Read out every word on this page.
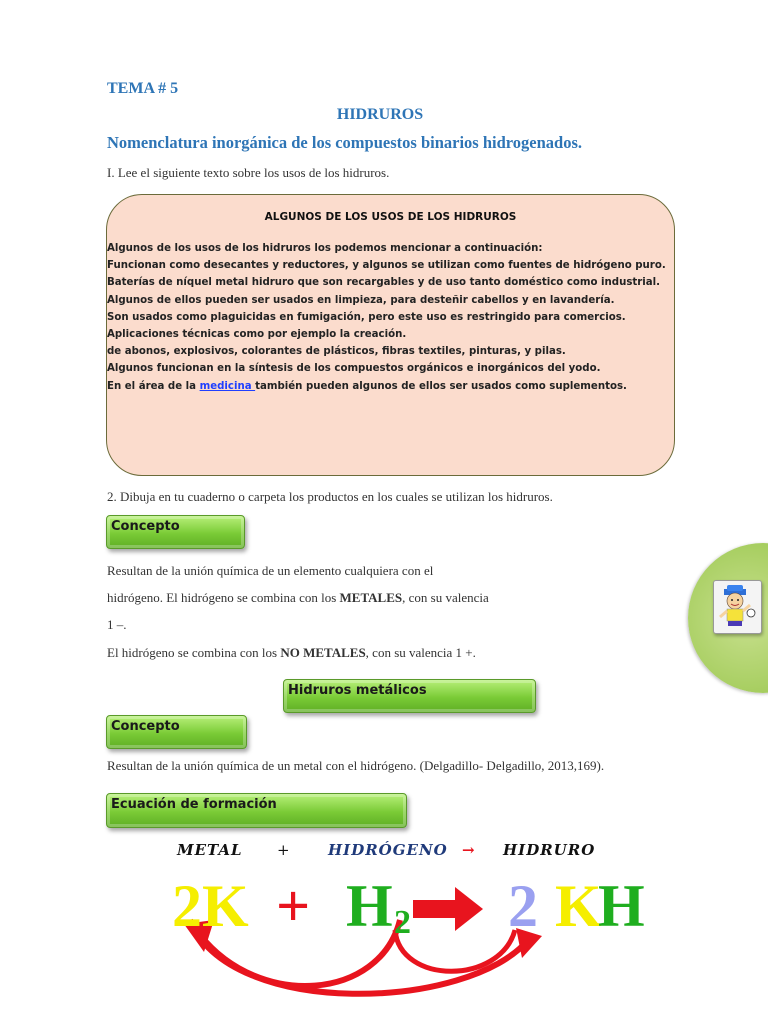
TEMA # 5
HIDRUROS
Nomenclatura inorgánica de los compuestos binarios hidrogenados.
I. Lee el siguiente texto sobre los usos de los hidruros.
ALGUNOS DE LOS USOS DE LOS HIDRUROS
Algunos de los usos de los hidruros los podemos mencionar a continuación:
Funcionan como desecantes y reductores, y algunos se utilizan como fuentes de hidrógeno puro.
Baterías de níquel metal hidruro que son recargables y de uso tanto doméstico como industrial.
Algunos de ellos pueden ser usados en limpieza, para desteñir cabellos y en lavandería.
Son usados como plaguicidas en fumigación, pero este uso es restringido para comercios.
Aplicaciones técnicas como por ejemplo la creación.
de abonos, explosivos, colorantes de plásticos, fibras textiles, pinturas, y pilas.
Algunos funcionan en la síntesis de los compuestos orgánicos e inorgánicos del yodo.
En el área de la medicina también pueden algunos de ellos ser usados como suplementos.
2. Dibuja en tu cuaderno o carpeta los productos en los cuales se utilizan los hidruros.
Concepto
Resultan de la unión química de un elemento cualquiera con el
hidrógeno. El hidrógeno se combina con los METALES, con su valencia
1 –.
El hidrógeno se combina con los NO METALES, con su valencia 1 +.
Hidruros metálicos
Concepto
Resultan de la unión química de un metal con el hidrógeno. (Delgadillo- Delgadillo, 2013,169).
Ecuación de formación
METAL + HIDRÓGENO → HIDRURO
2K + H 2 2 K
H
